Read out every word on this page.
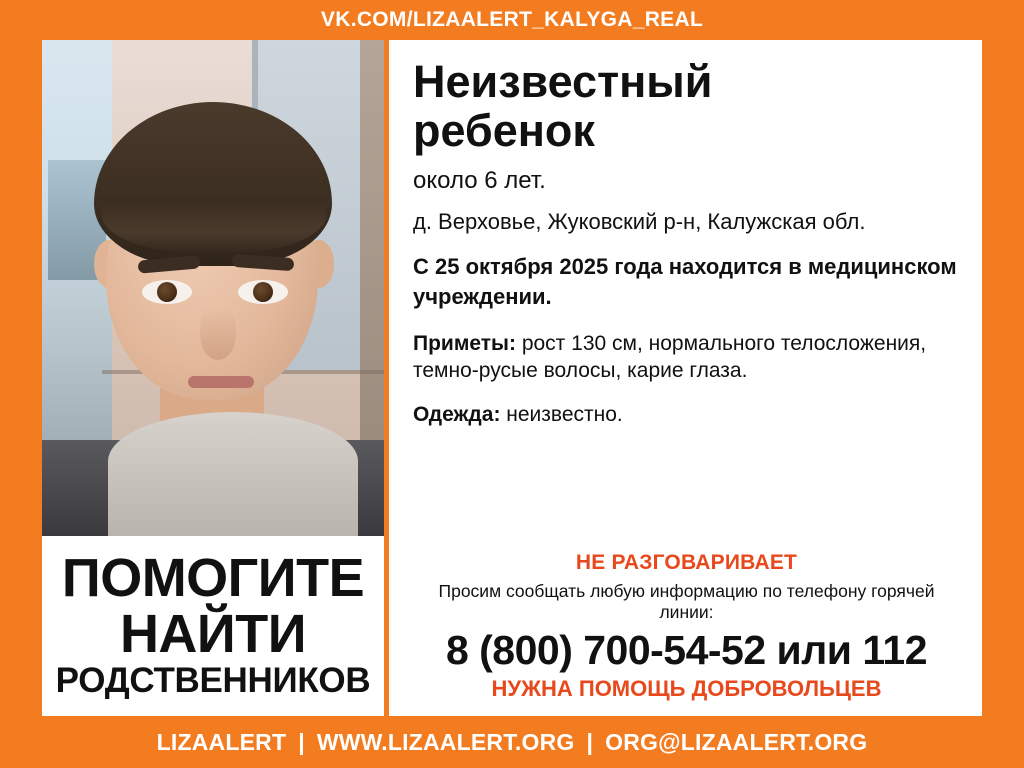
VK.COM/LIZAALERT_KALYGA_REAL
ПОМОГИТЕ
НАЙТИ
РОДСТВЕННИКОВ
Неизвестный
ребенок
около 6 лет.
д. Верховье, Жуковский р-н, Калужская обл.
С 25 октября 2025 года находится в медицинском учреждении.
Приметы: рост 130 см, нормального телосложения, темно-русые волосы, карие глаза.
Одежда: неизвестно.
НЕ РАЗГОВАРИВАЕТ
Просим сообщать любую информацию по телефону горячей линии:
8 (800) 700-54-52 или 112
НУЖНА ПОМОЩЬ ДОБРОВОЛЬЦЕВ
LIZAALERT | WWW.LIZAALERT.ORG | ORG@LIZAALERT.ORG
